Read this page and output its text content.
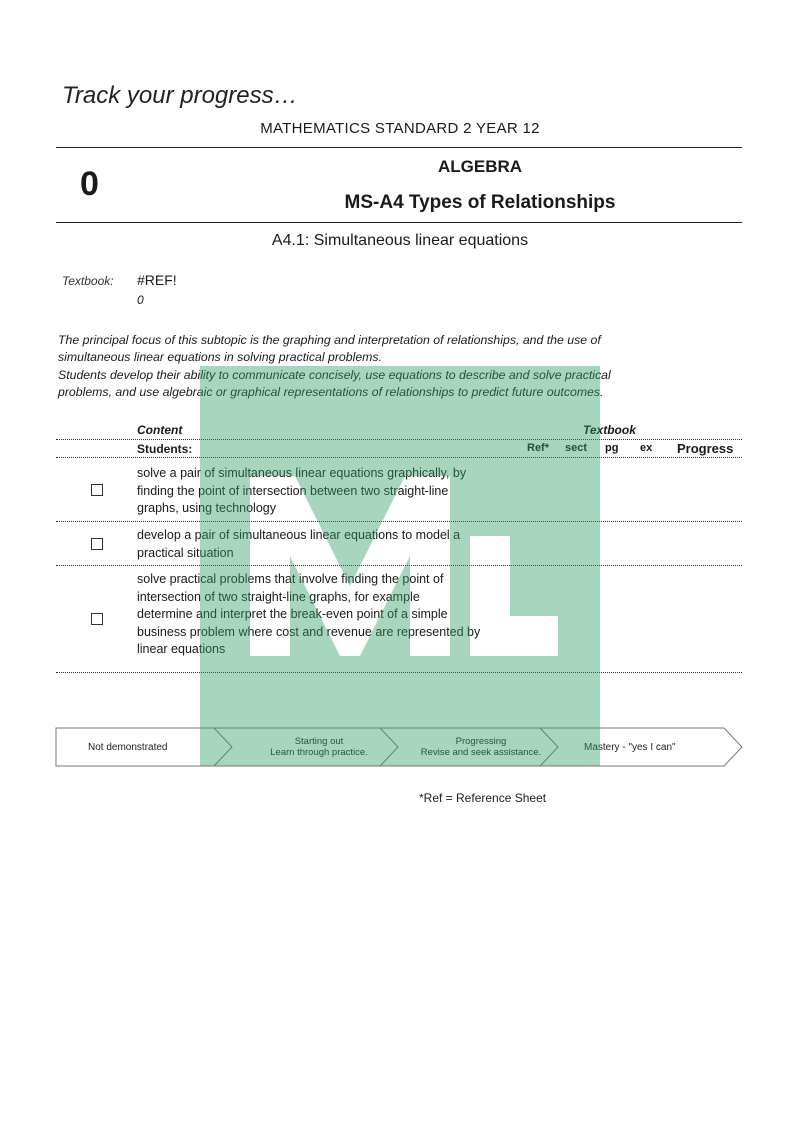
Track your progress…
MATHEMATICS STANDARD 2 YEAR 12
0	ALGEBRA
MS-A4 Types of Relationships
A4.1: Simultaneous linear equations
Textbook: #REF!
0
The principal focus of this subtopic is the graphing and interpretation of relationships, and the use of
simultaneous linear equations in solving practical problems.
Students develop their ability to communicate concisely, use equations to describe and solve practical
problems, and use algebraic or graphical representations of relationships to predict future outcomes.
Content	Textbook
Students:	Ref* sect pg ex Progress
solve a pair of simultaneous linear equations graphically, by
finding the point of intersection between two straight-line
graphs, using technology
develop a pair of simultaneous linear equations to model a
practical situation
solve practical problems that involve finding the point of
intersection of two straight-line graphs, for example
determine and interpret the break-even point of a simple
business problem where cost and revenue are represented by
linear equations
Not demonstrated
Starting out
Learn through practice.
Progressing
Revise and seek assistance.	Mastery - "yes I can"
*Ref = Reference Sheet
